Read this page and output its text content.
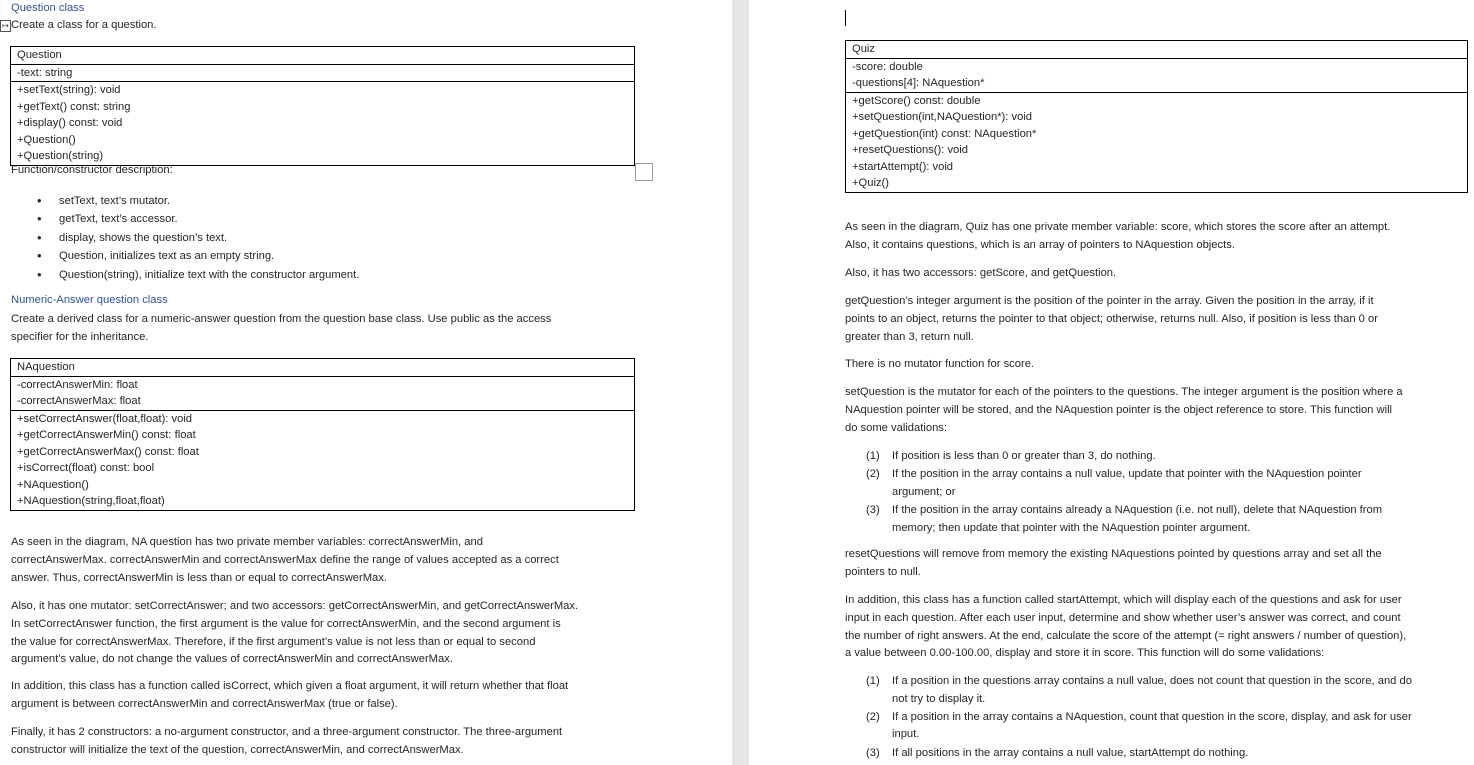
↦
Question class
Create a class for a question.
Question

-text: string

+setText(string): void
+getText() const: string
+display() const: void
+Question()
+Question(string)
Function/constructor description:
• setText, text’s mutator.
• getText, text’s accessor.
• display, shows the question’s text.
• Question, initializes text as an empty string.
• Question(string), initialize text with the constructor argument.
Numeric-Answer question class
Create a derived class for a numeric-answer question from the question base class. Use public as the access
specifier for the inheritance.
NAquestion

-correctAnswerMin: float
-correctAnswerMax: float

+setCorrectAnswer(float,float): void
+getCorrectAnswerMin() const: float
+getCorrectAnswerMax() const: float
+isCorrect(float) const: bool
+NAquestion()
+NAquestion(string,float,float)
As seen in the diagram, NA question has two private member variables: correctAnswerMin, and
correctAnswerMax. correctAnswerMin and correctAnswerMax define the range of values accepted as a correct
answer. Thus, correctAnswerMin is less than or equal to correctAnswerMax.
Also, it has one mutator: setCorrectAnswer; and two accessors: getCorrectAnswerMin, and getCorrectAnswerMax.
In setCorrectAnswer function, the first argument is the value for correctAnswerMin, and the second argument is
the value for correctAnswerMax. Therefore, if the first argument’s value is not less than or equal to second
argument’s value, do not change the values of correctAnswerMin and correctAnswerMax.
In addition, this class has a function called isCorrect, which given a float argument, it will return whether that float
argument is between correctAnswerMin and correctAnswerMax (true or false).
Finally, it has 2 constructors: a no-argument constructor, and a three-argument constructor. The three-argument
constructor will initialize the text of the question, correctAnswerMin, and correctAnswerMax.
Quiz

-score: double
-questions[4]: NAquestion*

+getScore() const: double
+setQuestion(int,NAQuestion*): void
+getQuestion(int) const: NAquestion*
+resetQuestions(): void
+startAttempt(): void
+Quiz()
As seen in the diagram, Quiz has one private member variable: score, which stores the score after an attempt.
Also, it contains questions, which is an array of pointers to NAquestion objects.
Also, it has two accessors: getScore, and getQuestion.
getQuestion’s integer argument is the position of the pointer in the array. Given the position in the array, if it
points to an object, returns the pointer to that object; otherwise, returns null. Also, if position is less than 0 or
greater than 3, return null.
There is no mutator function for score.
setQuestion is the mutator for each of the pointers to the questions. The integer argument is the position where a
NAquestion pointer will be stored, and the NAquestion pointer is the object reference to store. This function will
do some validations:
(1) If position is less than 0 or greater than 3, do nothing.
(2) If the position in the array contains a null value, update that pointer with the NAquestion pointer
argument; or
(3) If the position in the array contains already a NAquestion (i.e. not null), delete that NAquestion from
memory; then update that pointer with the NAquestion pointer argument.
resetQuestions will remove from memory the existing NAquestions pointed by questions array and set all the
pointers to null.
In addition, this class has a function called startAttempt, which will display each of the questions and ask for user
input in each question. After each user input, determine and show whether user’s answer was correct, and count
the number of right answers. At the end, calculate the score of the attempt (= right answers / number of question),
a value between 0.00-100.00, display and store it in score. This function will do some validations:
(1) If a position in the questions array contains a null value, does not count that question in the score, and do
not try to display it.
(2) If a position in the array contains a NAquestion, count that question in the score, display, and ask for user
input.
(3) If all positions in the array contains a null value, startAttempt do nothing.
